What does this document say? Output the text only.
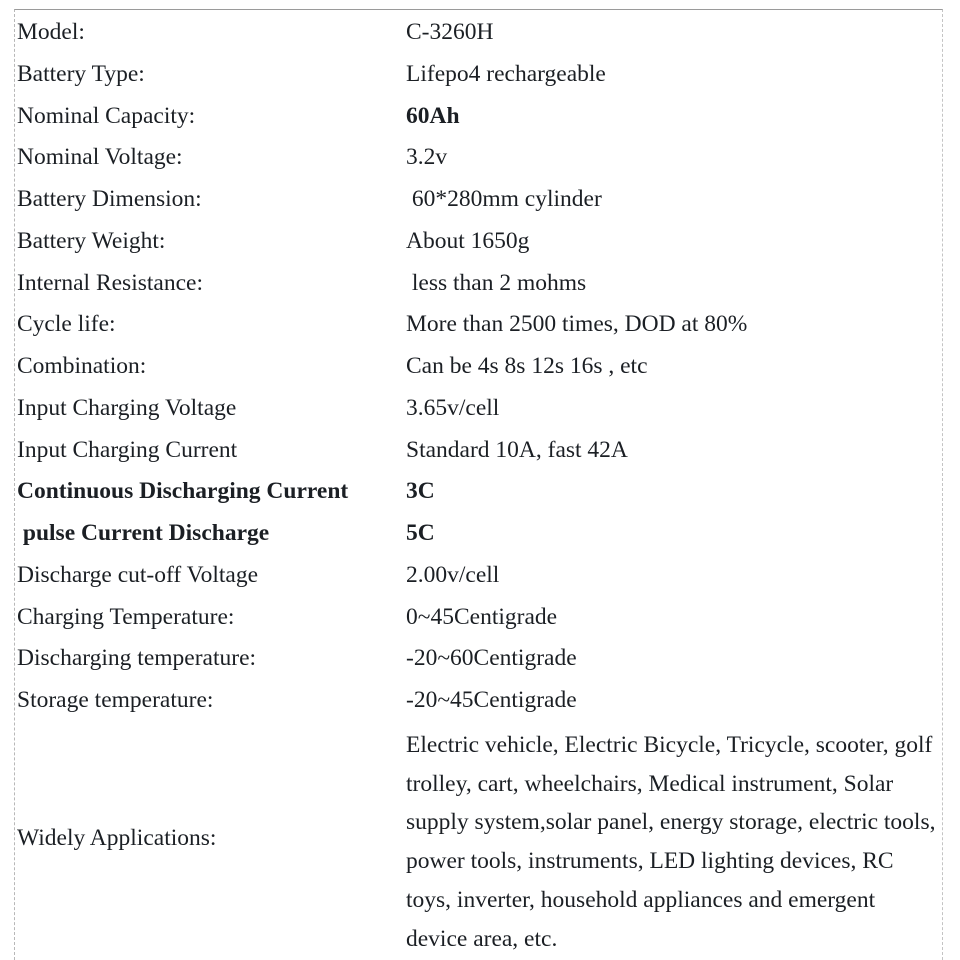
Model:	C-3260H
Battery Type:	Lifepo4 rechargeable
Nominal Capacity:	60Ah
Nominal Voltage:	3.2v
Battery Dimension:	60*280mm cylinder
Battery Weight:	About 1650g
Internal Resistance:	less than 2 mohms
Cycle life:	More than 2500 times, DOD at 80%
Combination:	Can be 4s 8s 12s 16s , etc
Input Charging Voltage	3.65v/cell
Input Charging Current	Standard 10A, fast 42A
Continuous Discharging Current 3C
pulse Current Discharge	5C
Discharge cut-off Voltage	2.00v/cell
Charging Temperature:	0~45Centigrade
Discharging temperature:	-20~60Centigrade
Storage temperature:	-20~45Centigrade
Widely Applications:
Electric vehicle, Electric Bicycle, Tricycle, scooter, golf trolley, cart, wheelchairs, Medical instrument, Solar supply system,solar panel, energy storage, electric tools, power tools, instruments, LED lighting devices, RC toys, inverter, household appliances and emergent device area, etc.
